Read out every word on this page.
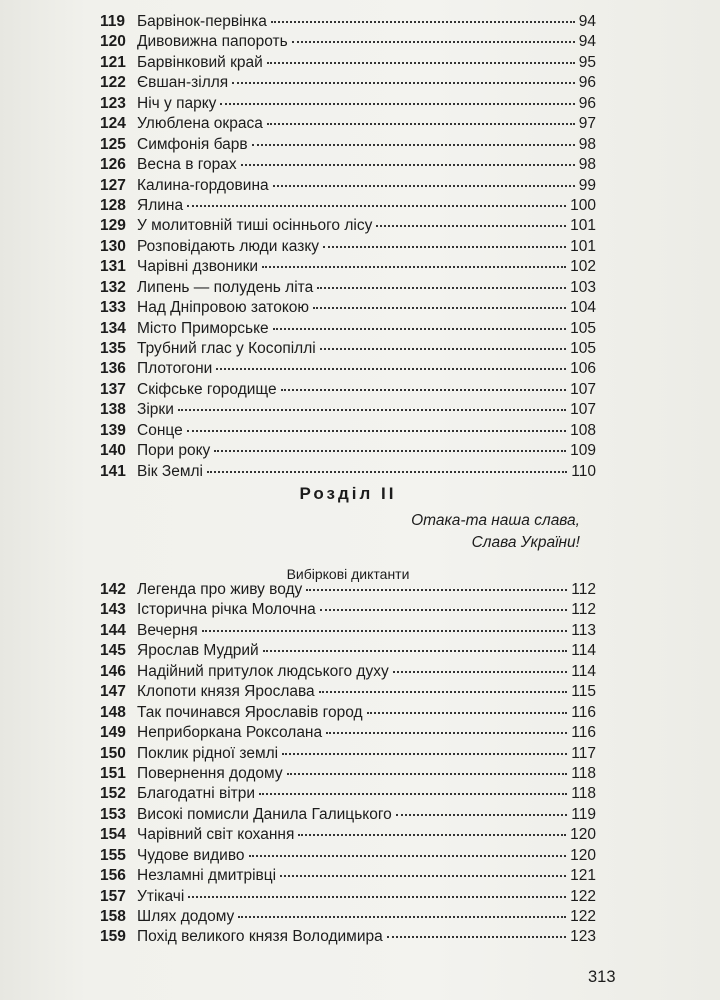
119 Барвінок-первінка	94
120 Дивовижна папороть	94
121 Барвінковий край	95
122 Євшан-зілля	96
123 Ніч у парку	96
124 Улюблена окраса	97
125 Симфонія барв	98
126 Весна в горах	98
127 Калина-гордовина	99
128 Ялина	100
129 У молитовній тиші осіннього лісу	101
130 Розповідають люди казку	101
131 Чарівні дзвоники	102
132 Липень — полудень літа	103
133 Над Дніпровою затокою	104
134 Місто Приморське	105
135 Трубний глас у Косопіллі	105
136 Плотогони	106
137 Скіфське городище	107
138 Зірки	107
139 Сонце	108
140 Пори року	109
141 Вік Землі	110
Розділ II
Отака-та наша слава,
Слава України!
Вибіркові диктанти
142 Легенда про живу воду	112
143 Історична річка Молочна	112
144 Вечерня	113
145 Ярослав Мудрий	114
146 Надійний притулок людського духу	114
147 Клопоти князя Ярослава	115
148 Так починався Ярославів город	116
149 Неприборкана Роксолана	116
150 Поклик рідної землі	117
151 Повернення додому	118
152 Благодатні вітри	118
153 Високі помисли Данила Галицького	119
154 Чарівний світ кохання	120
155 Чудове видиво	120
156 Незламні дмитрівці	121
157 Утікачі	122
158 Шлях додому	122
159 Похід великого князя Володимира	123
313
